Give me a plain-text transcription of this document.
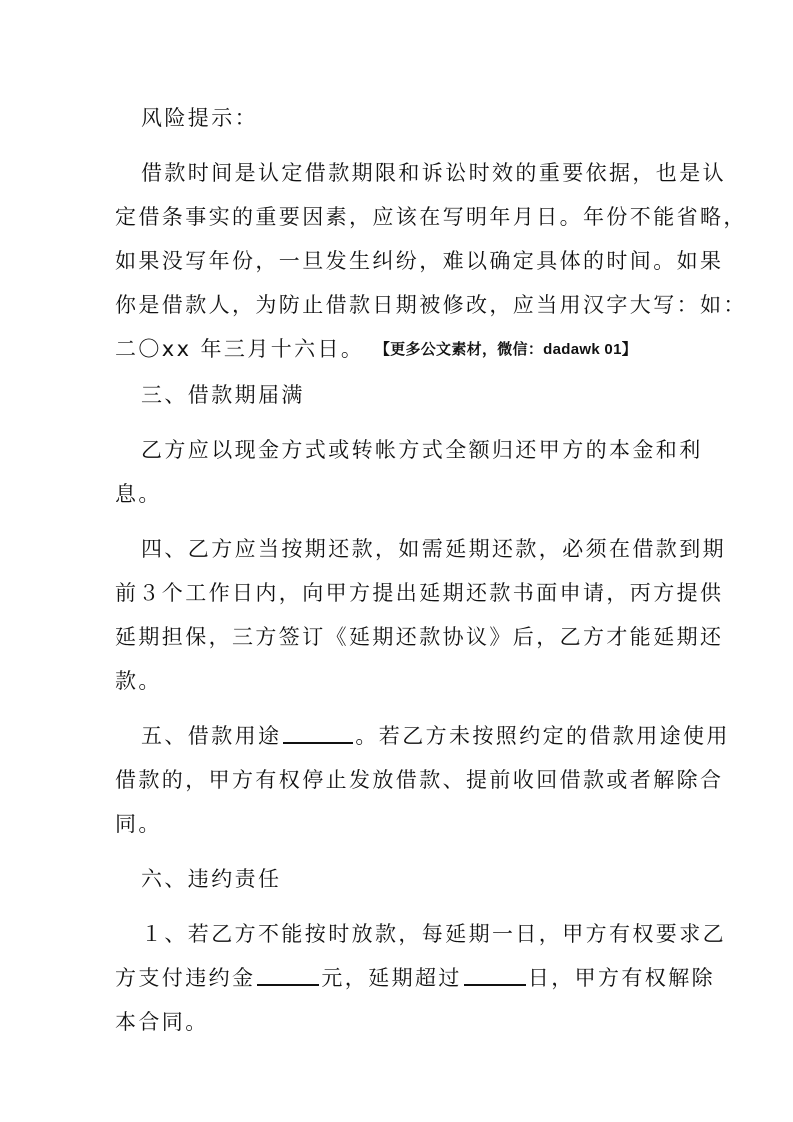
风险提示：
借款时间是认定借款期限和诉讼时效的重要依据，也是认
定借条事实的重要因素，应该在写明年月日。年份不能省略，
如果没写年份，一旦发生纠纷，难以确定具体的时间。如果
你是借款人，为防止借款日期被修改，应当用汉字大写：如：
二〇xx 年三月十六日。 【更多公文素材，微信：dadawk 01】
三、借款期届满
乙方应以现金方式或转帐方式全额归还甲方的本金和利
息。
四、乙方应当按期还款，如需延期还款，必须在借款到期
前３个工作日内，向甲方提出延期还款书面申请，丙方提供
延期担保，三方签订《延期还款协议》后，乙方才能延期还
款。
五、借款用途	。若乙方未按照约定的借款用途使用
借款的，甲方有权停止发放借款、提前收回借款或者解除合
同。
六、违约责任
１、若乙方不能按时放款，每延期一日，甲方有权要求乙
方支付违约金	元，延期超过	日，甲方有权解除
本合同。
